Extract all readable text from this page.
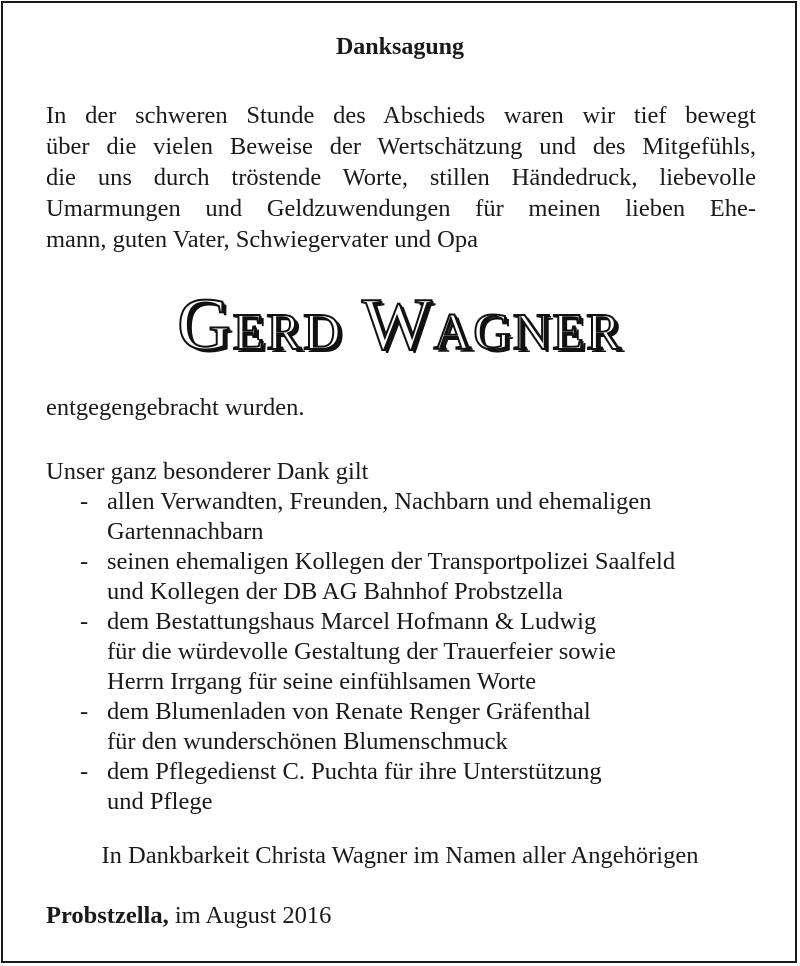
Danksagung
In der schweren Stunde des Abschieds waren wir tief bewegt
über die vielen Beweise der Wertschätzung und des Mitgefühls,
die uns durch tröstende Worte, stillen Händedruck, liebevolle
Umarmungen und Geldzuwendungen für meinen lieben Ehe-
mann, guten Vater, Schwiegervater und Opa
Gerd Wagner
entgegengebracht wurden.
Unser ganz besonderer Dank gilt
- allen Verwandten, Freunden, Nachbarn und ehemaligen
Gartennachbarn
- seinen ehemaligen Kollegen der Transportpolizei Saalfeld
und Kollegen der DB AG Bahnhof Probstzella
- dem Bestattungshaus Marcel Hofmann & Ludwig
für die würdevolle Gestaltung der Trauerfeier sowie
Herrn Irrgang für seine einfühlsamen Worte
- dem Blumenladen von Renate Renger Gräfenthal
für den wunderschönen Blumenschmuck
- dem Pflegedienst C. Puchta für ihre Unterstützung
und Pflege
In Dankbarkeit Christa Wagner im Namen aller Angehörigen
Probstzella, im August 2016
